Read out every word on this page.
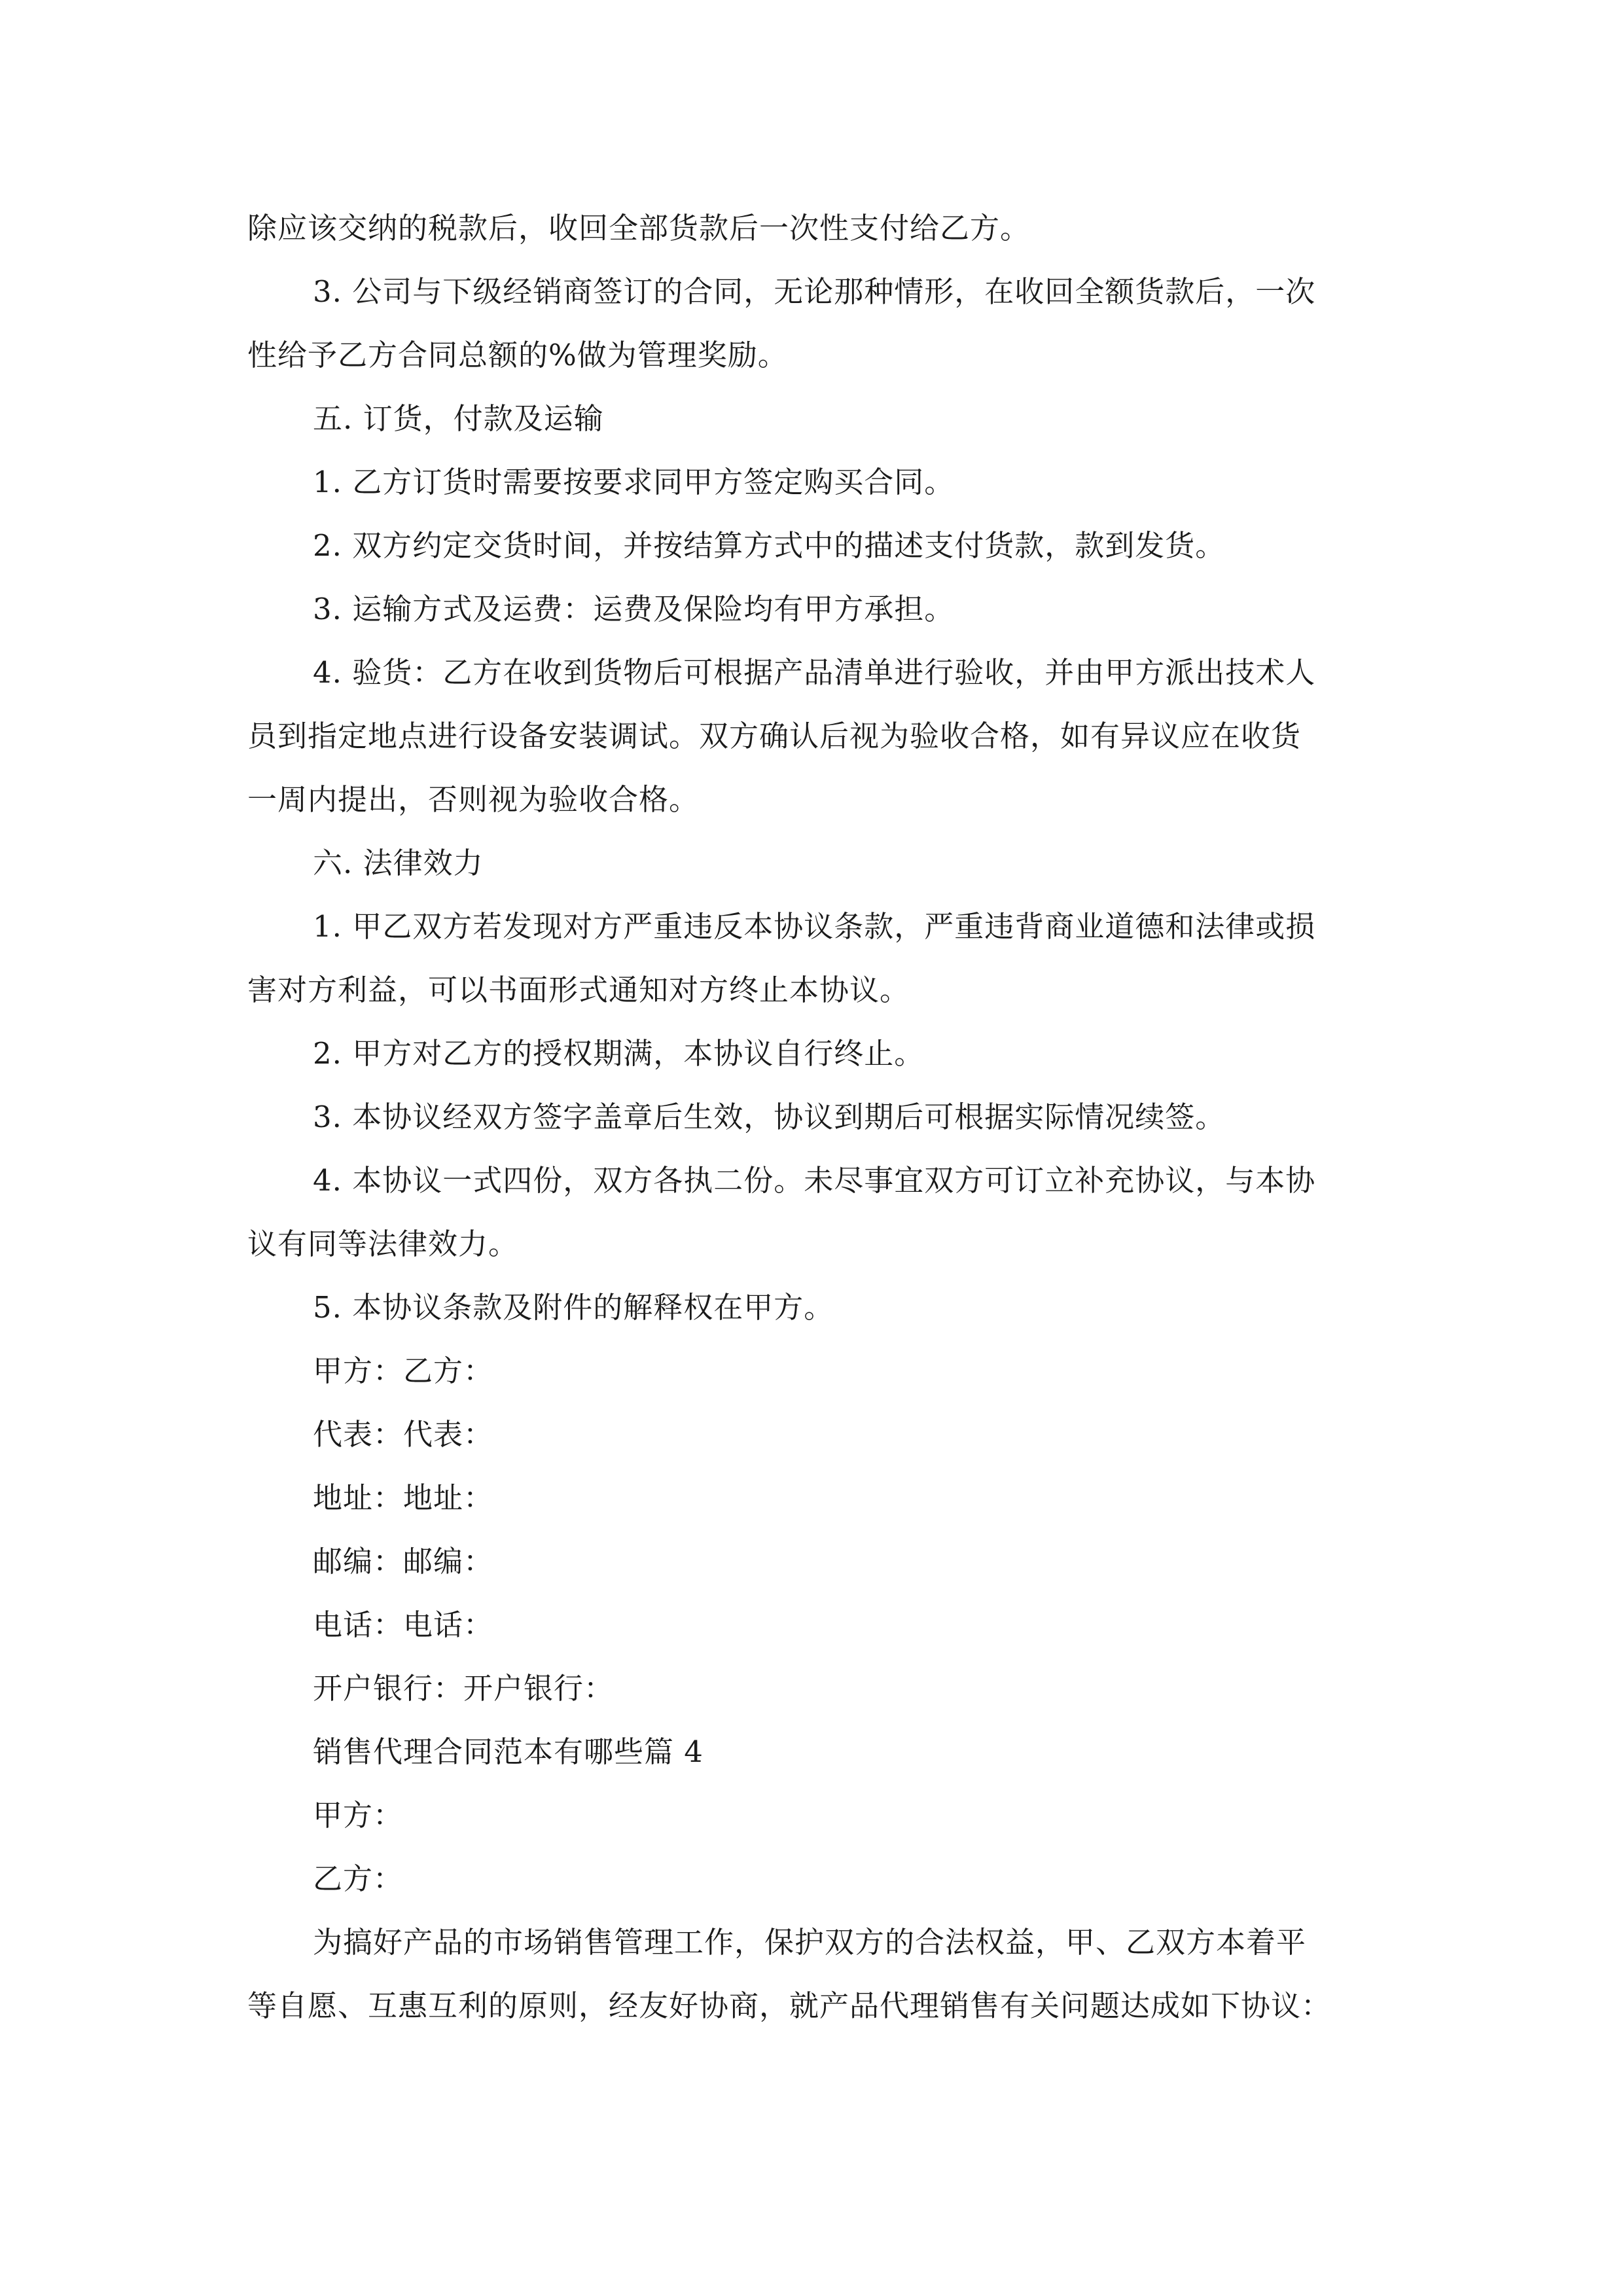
除应该交纳的税款后，收回全部货款后一次性支付给乙方。
3. 公司与下级经销商签订的合同，无论那种情形，在收回全额货款后，一次
性给予乙方合同总额的%做为管理奖励。
五. 订货，付款及运输
1. 乙方订货时需要按要求同甲方签定购买合同。
2. 双方约定交货时间，并按结算方式中的描述支付货款，款到发货。
3. 运输方式及运费：运费及保险均有甲方承担。
4. 验货：乙方在收到货物后可根据产品清单进行验收，并由甲方派出技术人
员到指定地点进行设备安装调试。双方确认后视为验收合格，如有异议应在收货
一周内提出，否则视为验收合格。
六. 法律效力
1. 甲乙双方若发现对方严重违反本协议条款，严重违背商业道德和法律或损
害对方利益，可以书面形式通知对方终止本协议。
2. 甲方对乙方的授权期满，本协议自行终止。
3. 本协议经双方签字盖章后生效，协议到期后可根据实际情况续签。
4. 本协议一式四份，双方各执二份。未尽事宜双方可订立补充协议，与本协
议有同等法律效力。
5. 本协议条款及附件的解释权在甲方。
甲方：乙方：
代表：代表：
地址：地址：
邮编：邮编：
电话：电话：
开户银行：开户银行：
销售代理合同范本有哪些篇 4
甲方：
乙方：
为搞好产品的市场销售管理工作，保护双方的合法权益，甲、乙双方本着平
等自愿、互惠互利的原则，经友好协商，就产品代理销售有关问题达成如下协议：
